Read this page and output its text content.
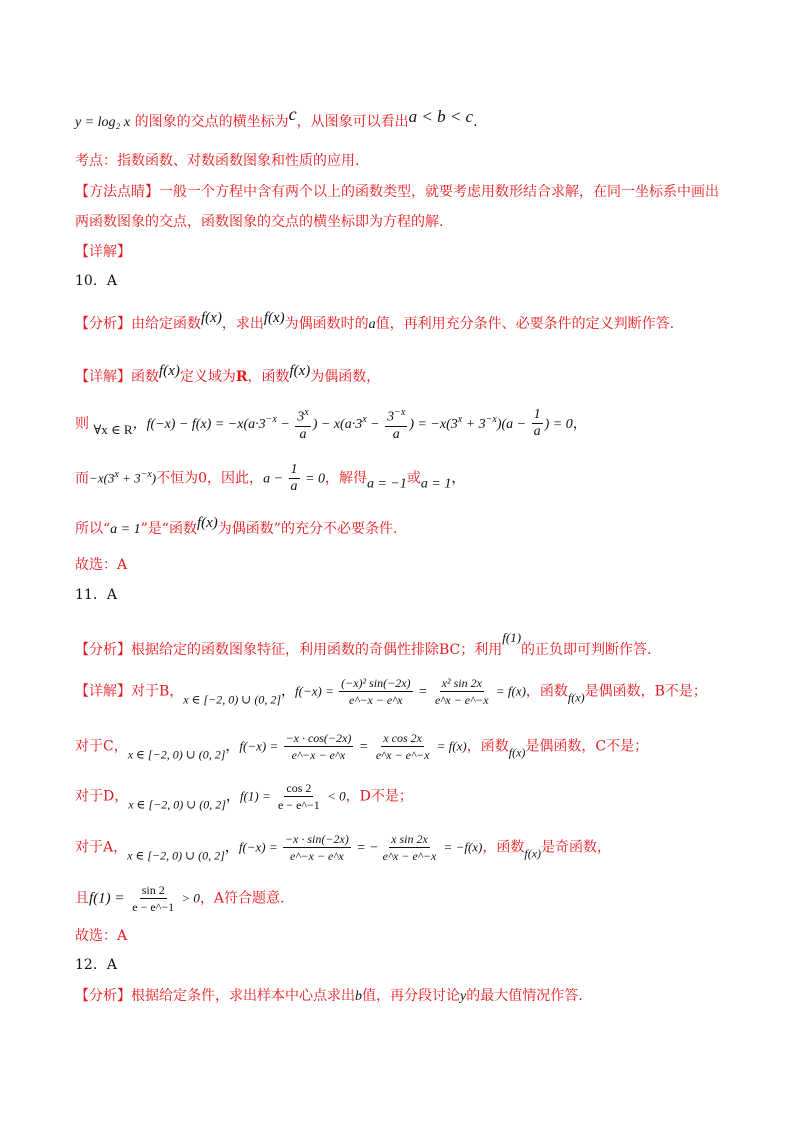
y = log₂ x 的图象的交点的横坐标为c，从图象可以看出a < b < c.
考点：指数函数、对数函数图象和性质的应用.
【方法点睛】一般一个方程中含有两个以上的函数类型，就要考虑用数形结合求解，在同一坐标系中画出
两函数图象的交点，函数图象的交点的横坐标即为方程的解.
【详解】
10．A
【分析】由给定函数f(x)，求出f(x)为偶函数时的a值，再利用充分条件、必要条件的定义判断作答.
【详解】函数f(x)定义域为R，函数f(x)为偶函数，
则 ∀x ∈ R，$f(-x) - f(x) = -x(a\cdot 3^{-x} - \frac{3^x}{a}$ ) − $x(a\cdot 3^x - \frac{3^{-x}}{a}$ ) = $-x(3^x + 3^{-x})(a - \frac{1}{a}$ ) = 0，
而$-x(3^x + 3^{-x})$不恒为0，因此，$a - \frac{1}{a} = 0$，解得a = −1或a = 1，
所以“a = 1”是“函数f(x)为偶函数”的充分不必要条件.
故选：A
11．A
【分析】根据给定的函数图象特征，利用函数的奇偶性排除BC；利用f(1)的正负即可判断作答.
【详解】对于B，x ∈ [−2, 0) ∪ (0, 2]，$f(-x) = \frac{\text{(−x)² sin(−2x)}}{e\^{}-x - e\^{}x} = \frac{\text{x² sin 2x}}{e\^{}x - e\^{}-x} = f(x)$，函数f(x)是偶函数，B不是；
对于C，x ∈ [−2, 0) ∪ (0, 2]，$f(-x) = \frac{-x \cdot \cos(-2x)}{e\^{}-x - e\^{}x} = \frac{\text{x cos 2x}}{e\^{}x - e\^{}-x} = f(x)$，函数f(x)是偶函数，C不是；
对于D，x ∈ [−2, 0) ∪ (0, 2]，$f(1) = \frac{\cos 2}{e - e\^{}-1} < 0$，D不是；
对于A，x ∈ [−2, 0) ∪ (0, 2]，$f(-x) = \frac{-x \cdot \sin(-2x)}{e\^{}-x - e\^{}x}$ = − $\frac{\text{x sin 2x}}{e\^{}x - e\^{}-x} = -f(x)$，函数f(x)是奇函数，
且$f(1) = \frac{\sin 2}{e - e\^{}-1} > 0$，A符合题意.
故选：A
12．A
【分析】根据给定条件，求出样本中心点求出b值，再分段讨论y的最大值情况作答.
